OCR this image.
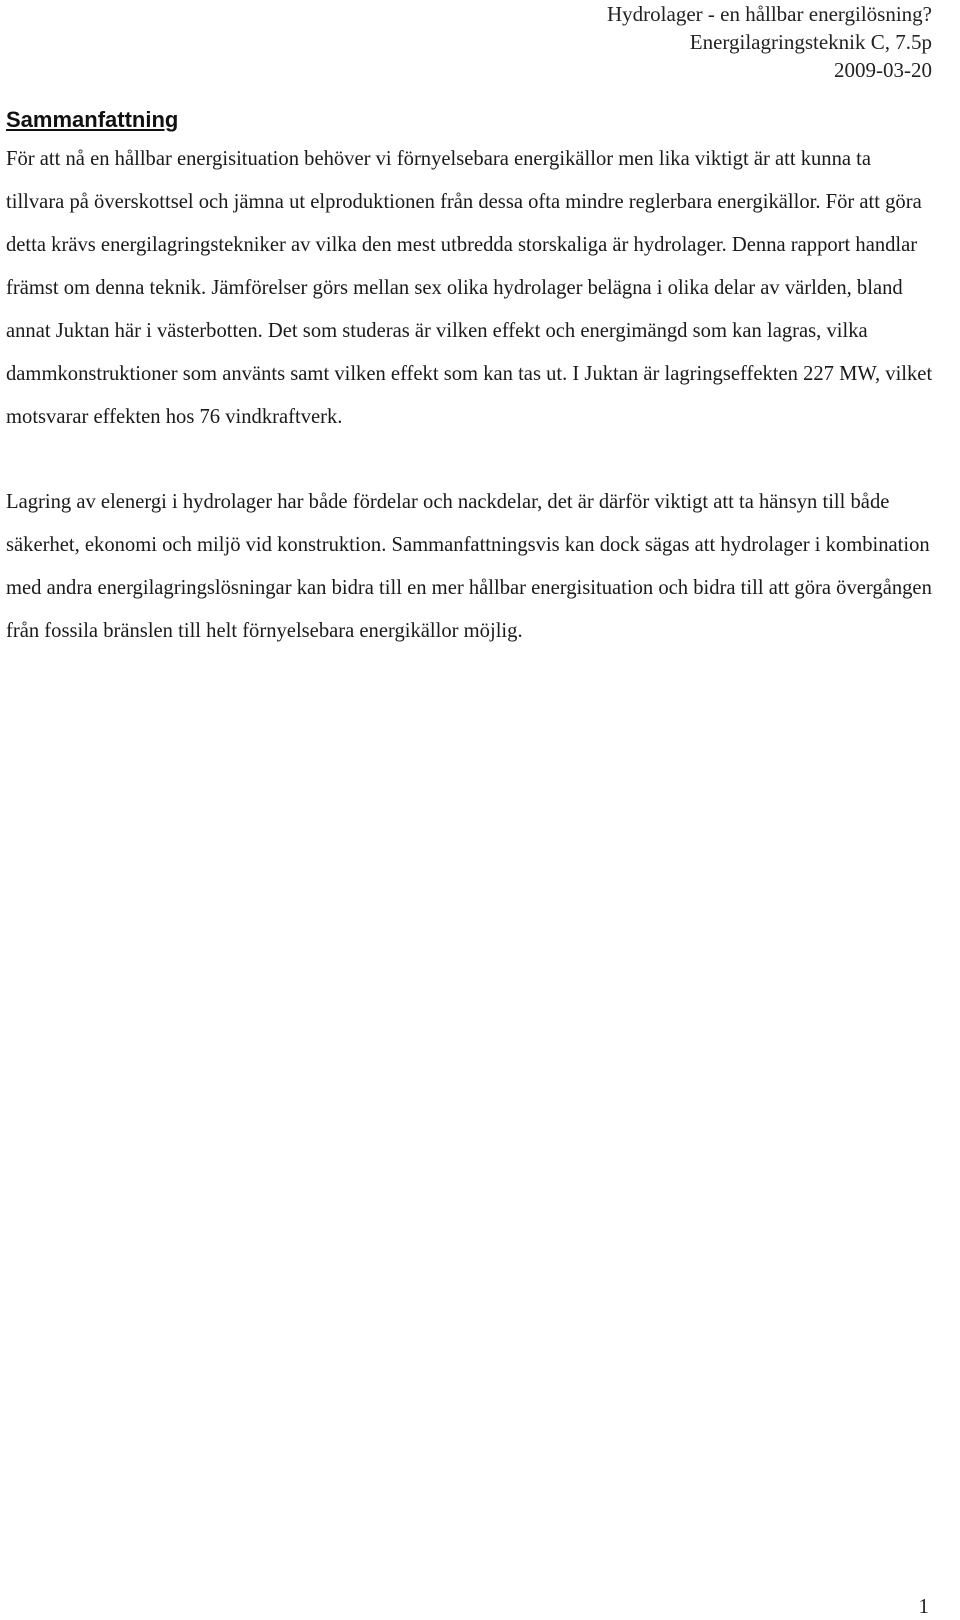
Hydrolager - en hållbar energilösning?
Energilagringsteknik C, 7.5p
2009-03-20
Sammanfattning

För att nå en hållbar energisituation behöver vi förnyelsebara energikällor men lika viktigt är att kunna ta tillvara på överskottsel och jämna ut elproduktionen från dessa ofta mindre reglerbara energikällor. För att göra detta krävs energilagringstekniker av vilka den mest utbredda storskaliga är hydrolager. Denna rapport handlar främst om denna teknik. Jämförelser görs mellan sex olika hydrolager belägna i olika delar av världen, bland annat Juktan här i västerbotten. Det som studeras är vilken effekt och energimängd som kan lagras, vilka dammkonstruktioner som använts samt vilken effekt som kan tas ut. I Juktan är lagringseffekten 227 MW, vilket motsvarar effekten hos 76 vindkraftverk.

Lagring av elenergi i hydrolager har både fördelar och nackdelar, det är därför viktigt att ta hänsyn till både säkerhet, ekonomi och miljö vid konstruktion. Sammanfattningsvis kan dock sägas att hydrolager i kombination med andra energilagringslösningar kan bidra till en mer hållbar energisituation och bidra till att göra övergången från fossila bränslen till helt förnyelsebara energikällor möjlig.

1
